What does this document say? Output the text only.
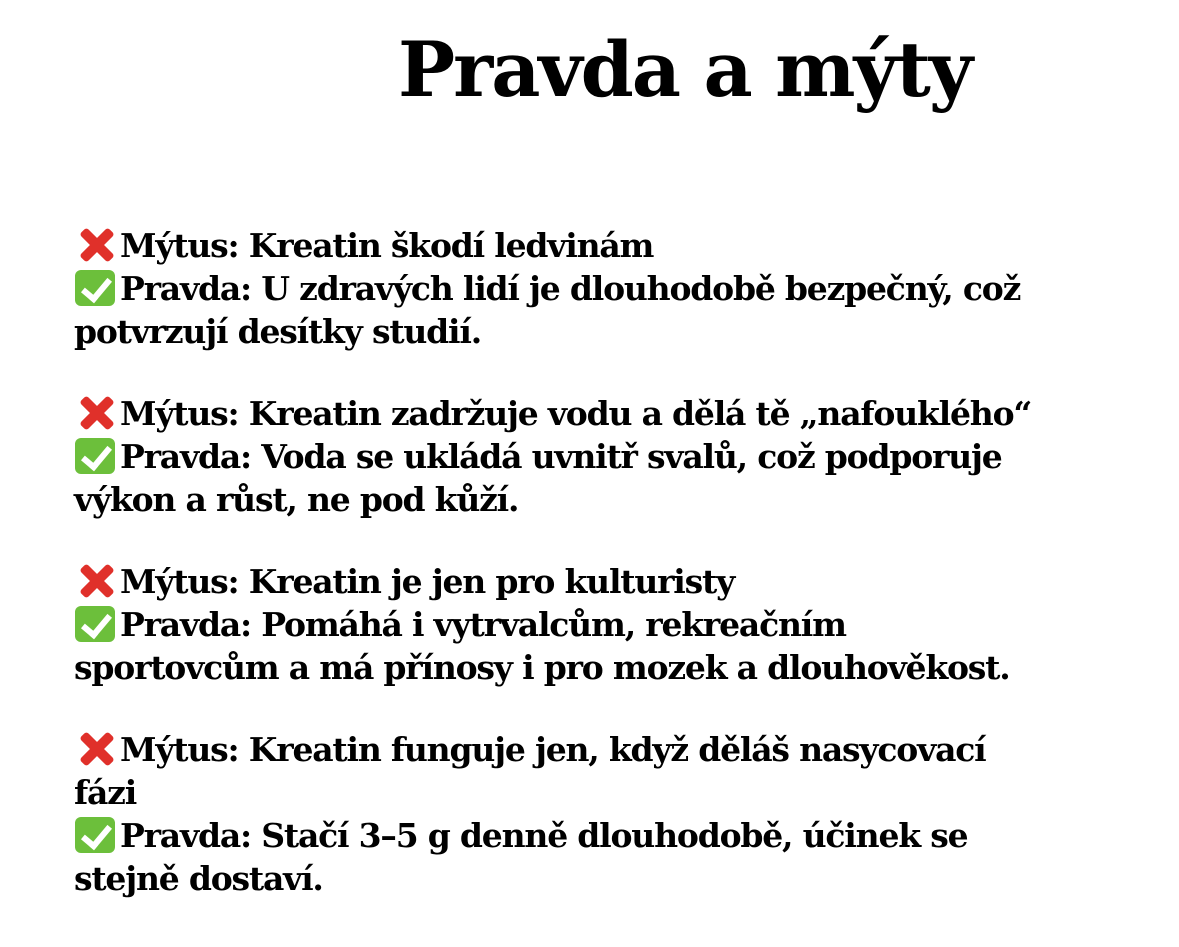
Pravda a mýty
Mýtus: Kreatin škodí ledvinám
Pravda: U zdravých lidí je dlouhodobě bezpečný, což
potvrzují desítky studií.
Mýtus: Kreatin zadržuje vodu a dělá tě „nafouklého“
Pravda: Voda se ukládá uvnitř svalů, což podporuje
výkon a růst, ne pod kůží.
Mýtus: Kreatin je jen pro kulturisty
Pravda: Pomáhá i vytrvalcům, rekreačním
sportovcům a má přínosy i pro mozek a dlouhověkost.
Mýtus: Kreatin funguje jen, když děláš nasycovací
fázi
Pravda: Stačí 3–5 g denně dlouhodobě, účinek se
stejně dostaví.
